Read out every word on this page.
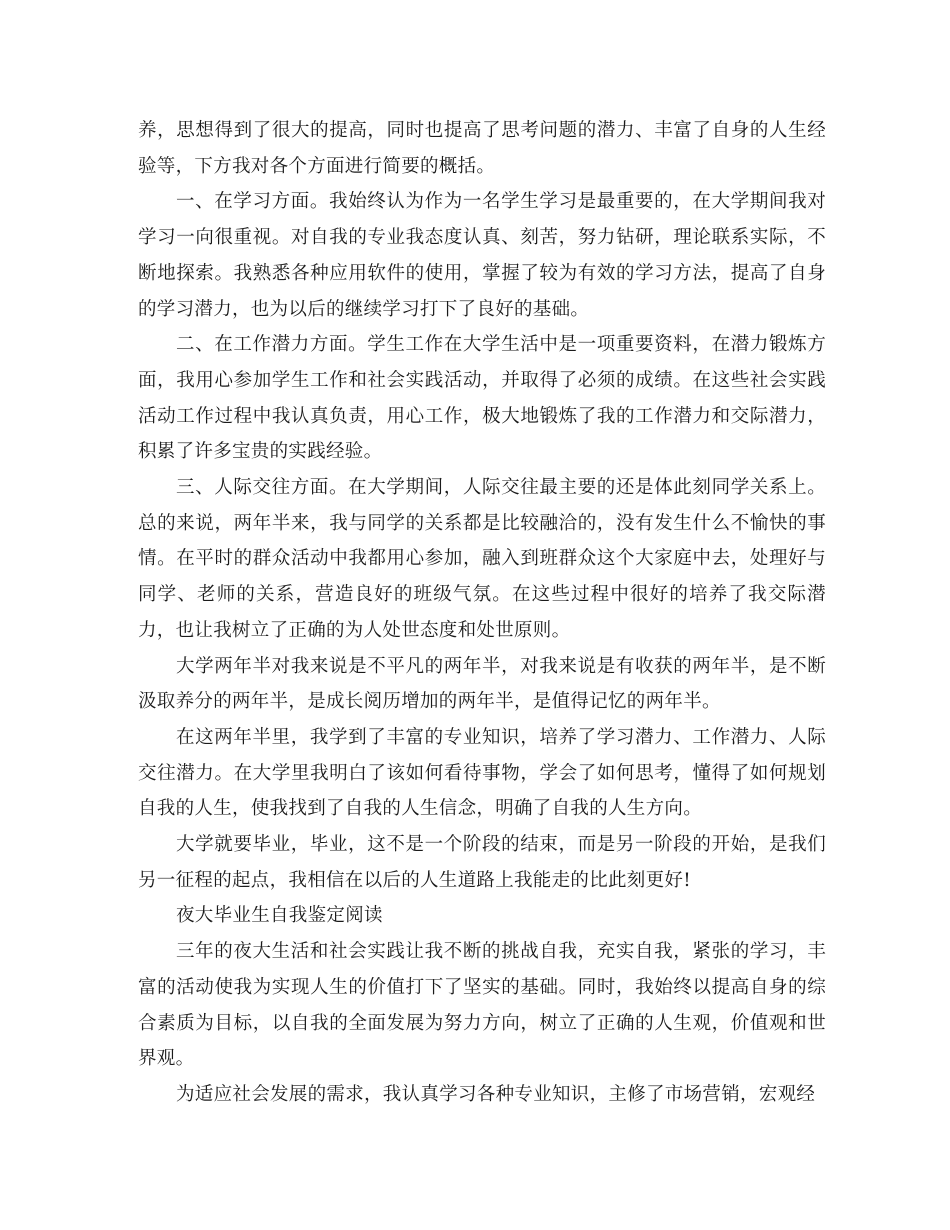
养，思想得到了很大的提高，同时也提高了思考问题的潜力、丰富了自身的人生经验等，下方我对各个方面进行简要的概括。

一、在学习方面。我始终认为作为一名学生学习是最重要的，在大学期间我对学习一向很重视。对自我的专业我态度认真、刻苦，努力钻研，理论联系实际，不断地探索。我熟悉各种应用软件的使用，掌握了较为有效的学习方法，提高了自身的学习潜力，也为以后的继续学习打下了良好的基础。

二、在工作潜力方面。学生工作在大学生活中是一项重要资料，在潜力锻炼方面，我用心参加学生工作和社会实践活动，并取得了必须的成绩。在这些社会实践活动工作过程中我认真负责，用心工作，极大地锻炼了我的工作潜力和交际潜力，积累了许多宝贵的实践经验。

三、人际交往方面。在大学期间，人际交往最主要的还是体此刻同学关系上。总的来说，两年半来，我与同学的关系都是比较融洽的，没有发生什么不愉快的事情。在平时的群众活动中我都用心参加，融入到班群众这个大家庭中去，处理好与同学、老师的关系，营造良好的班级气氛。在这些过程中很好的培养了我交际潜力，也让我树立了正确的为人处世态度和处世原则。

大学两年半对我来说是不平凡的两年半，对我来说是有收获的两年半，是不断汲取养分的两年半，是成长阅历增加的两年半，是值得记忆的两年半。

在这两年半里，我学到了丰富的专业知识，培养了学习潜力、工作潜力、人际交往潜力。在大学里我明白了该如何看待事物，学会了如何思考，懂得了如何规划自我的人生，使我找到了自我的人生信念，明确了自我的人生方向。

大学就要毕业，毕业，这不是一个阶段的结束，而是另一阶段的开始，是我们另一征程的起点，我相信在以后的人生道路上我能走的比此刻更好!

夜大毕业生自我鉴定阅读

三年的夜大生活和社会实践让我不断的挑战自我，充实自我，紧张的学习，丰富的活动使我为实现人生的价值打下了坚实的基础。同时，我始终以提高自身的综合素质为目标，以自我的全面发展为努力方向，树立了正确的人生观，价值观和世界观。

为适应社会发展的需求，我认真学习各种专业知识，主修了市场营销，宏观经
